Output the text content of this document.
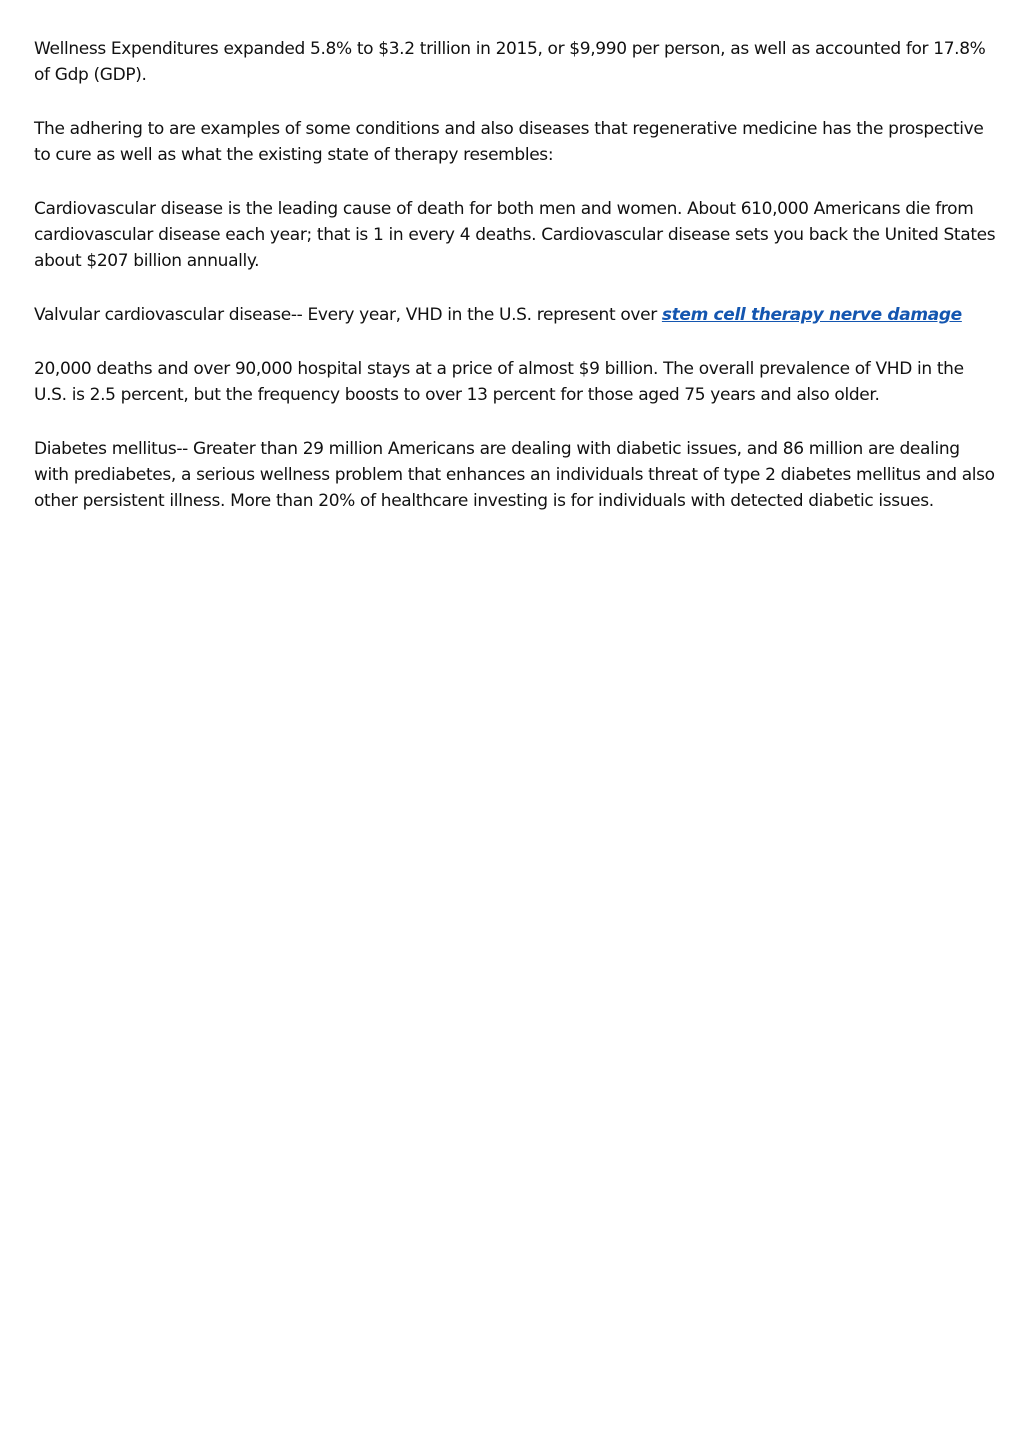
Wellness Expenditures expanded 5.8% to $3.2 trillion in 2015, or $9,990 per person, as well as accounted for 17.8% of Gdp (GDP).

The adhering to are examples of some conditions and also diseases that regenerative medicine has the prospective to cure as well as what the existing state of therapy resembles:

Cardiovascular disease is the leading cause of death for both men and women. About 610,000 Americans die from cardiovascular disease each year; that is 1 in every 4 deaths. Cardiovascular disease sets you back the United States about $207 billion annually.

Valvular cardiovascular disease-- Every year, VHD in the U.S. represent over stem cell therapy nerve damage

20,000 deaths and over 90,000 hospital stays at a price of almost $9 billion. The overall prevalence of VHD in the U.S. is 2.5 percent, but the frequency boosts to over 13 percent for those aged 75 years and also older.

Diabetes mellitus-- Greater than 29 million Americans are dealing with diabetic issues, and 86 million are dealing with prediabetes, a serious wellness problem that enhances an individuals threat of type 2 diabetes mellitus and also other persistent illness. More than 20% of healthcare investing is for individuals with detected diabetic issues.
